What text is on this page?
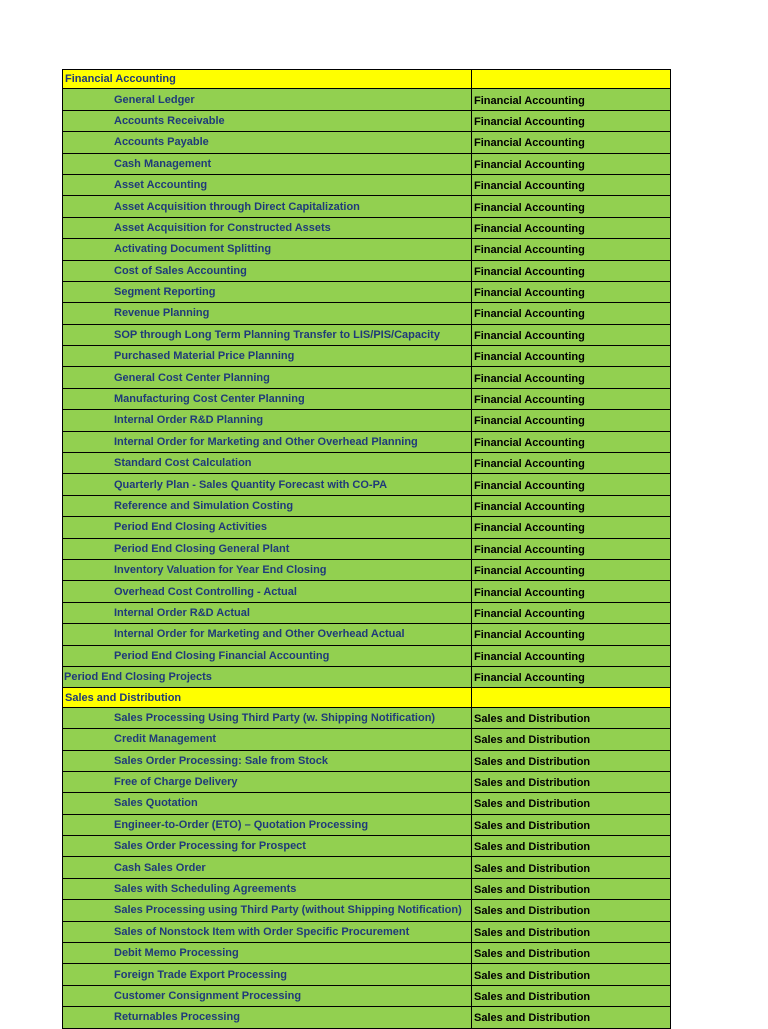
Financial Accounting	
General Ledger	Financial Accounting
Accounts Receivable	Financial Accounting
Accounts Payable	Financial Accounting
Cash Management	Financial Accounting
Asset Accounting	Financial Accounting
Asset Acquisition through Direct Capitalization	Financial Accounting
Asset Acquisition for Constructed Assets	Financial Accounting
Activating Document Splitting	Financial Accounting
Cost of Sales Accounting	Financial Accounting
Segment Reporting	Financial Accounting
Revenue Planning	Financial Accounting
SOP through Long Term Planning Transfer to LIS/PIS/Capacity	Financial Accounting
Purchased Material Price Planning	Financial Accounting
General Cost Center Planning	Financial Accounting
Manufacturing Cost Center Planning	Financial Accounting
Internal Order R&D Planning	Financial Accounting
Internal Order for Marketing and Other Overhead Planning	Financial Accounting
Standard Cost Calculation	Financial Accounting
Quarterly Plan - Sales Quantity Forecast with CO-PA	Financial Accounting
Reference and Simulation Costing	Financial Accounting
Period End Closing Activities	Financial Accounting
Period End Closing General Plant	Financial Accounting
Inventory Valuation for Year End Closing	Financial Accounting
Overhead Cost Controlling - Actual	Financial Accounting
Internal Order R&D Actual	Financial Accounting
Internal Order for Marketing and Other Overhead Actual	Financial Accounting
Period End Closing Financial Accounting	Financial Accounting
Period End Closing Projects	Financial Accounting
Sales and Distribution	
Sales Processing Using Third Party (w. Shipping Notification)	Sales and Distribution
Credit Management	Sales and Distribution
Sales Order Processing: Sale from Stock	Sales and Distribution
Free of Charge Delivery	Sales and Distribution
Sales Quotation	Sales and Distribution
Engineer-to-Order (ETO) – Quotation Processing	Sales and Distribution
Sales Order Processing for Prospect	Sales and Distribution
Cash Sales Order	Sales and Distribution
Sales with Scheduling Agreements	Sales and Distribution
Sales Processing using Third Party (without Shipping Notification)	Sales and Distribution
Sales of Nonstock Item with Order Specific Procurement	Sales and Distribution
Debit Memo Processing	Sales and Distribution
Foreign Trade Export Processing	Sales and Distribution
Customer Consignment Processing	Sales and Distribution
Returnables Processing	Sales and Distribution
